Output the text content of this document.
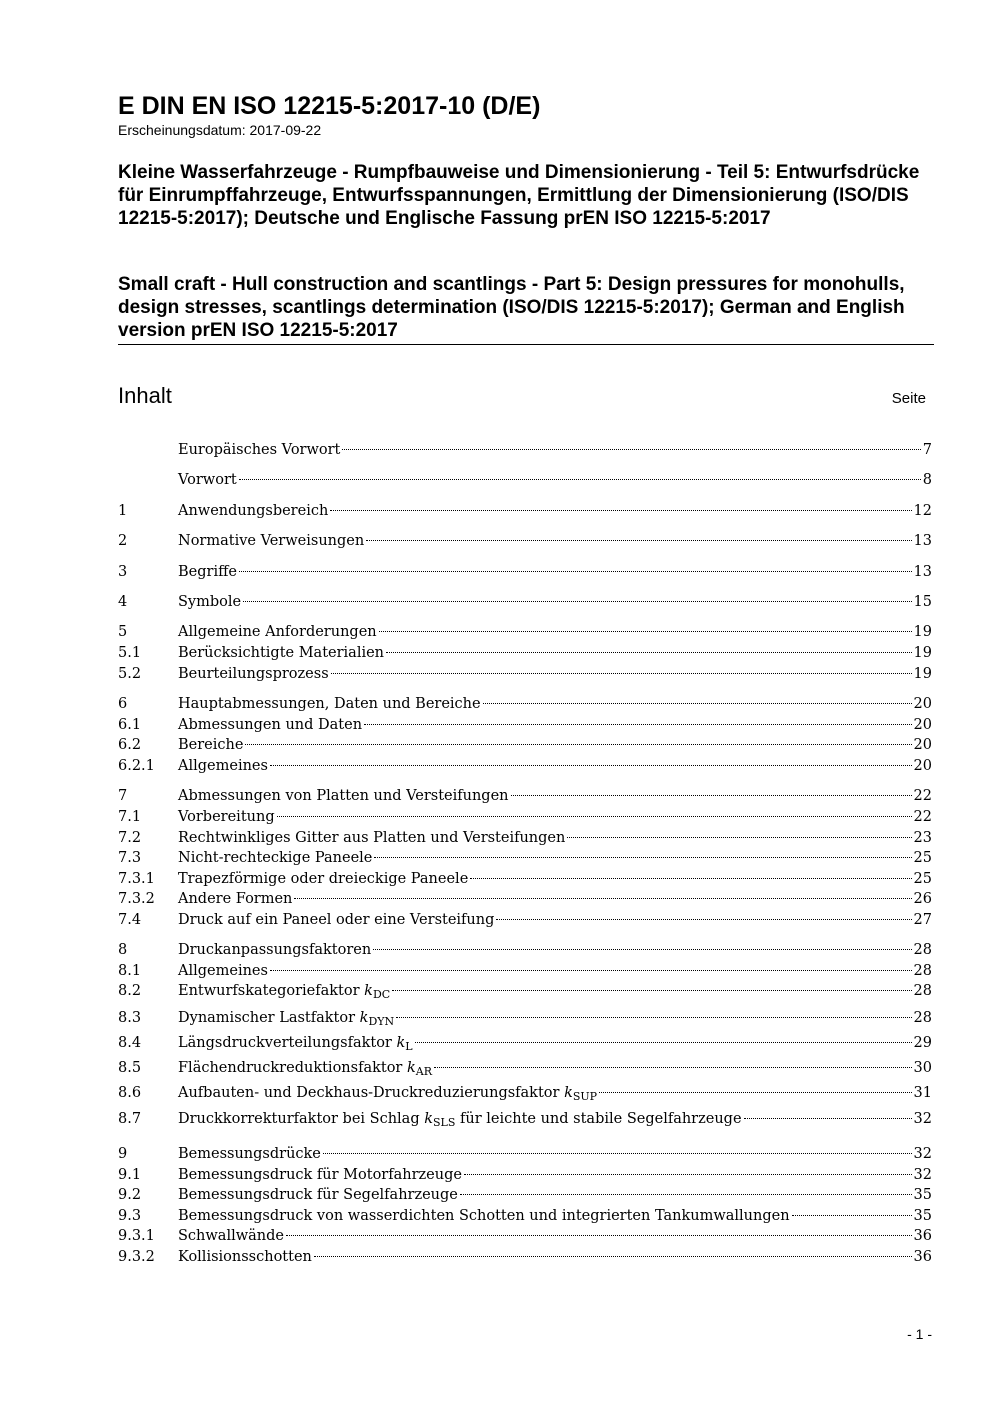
E DIN EN ISO 12215-5:2017-10 (D/E)
Erscheinungsdatum: 2017-09-22
Kleine Wasserfahrzeuge - Rumpfbauweise und Dimensionierung - Teil 5: Entwurfsdrücke für Einrumpffahrzeuge, Entwurfsspannungen, Ermittlung der Dimensionierung (ISO/DIS 12215-5:2017); Deutsche und Englische Fassung prEN ISO 12215-5:2017
Small craft - Hull construction and scantlings - Part 5: Design pressures for monohulls, design stresses, scantlings determination (ISO/DIS 12215-5:2017); German and English version prEN ISO 12215-5:2017
Inhalt	Seite
Europäisches Vorwort	7
Vorwort	8
1	Anwendungsbereich	12
2	Normative Verweisungen	13
3	Begriffe	13
4	Symbole	15
5	Allgemeine Anforderungen	19
5.1	Berücksichtigte Materialien	19
5.2	Beurteilungsprozess	19
6	Hauptabmessungen, Daten und Bereiche	20
6.1	Abmessungen und Daten	20
6.2	Bereiche	20
6.2.1	Allgemeines	20
7	Abmessungen von Platten und Versteifungen	22
7.1	Vorbereitung	22
7.2	Rechtwinkliges Gitter aus Platten und Versteifungen	23
7.3	Nicht-rechteckige Paneele	25
7.3.1	Trapezförmige oder dreieckige Paneele	25
7.3.2	Andere Formen	26
7.4	Druck auf ein Paneel oder eine Versteifung	27
8	Druckanpassungsfaktoren	28
8.1	Allgemeines	28
8.2	Entwurfskategoriefaktor $k_{DC}$	28
8.3	Dynamischer Lastfaktor $k_{DYN}$	28
8.4	Längsdruckverteilungsfaktor $k_L$	29
8.5	Flächendruckreduktionsfaktor $k_{AR}$	30
8.6	Aufbauten- und Deckhaus-Druckreduzierungsfaktor $k_{SUP}$	31
8.7	Druckkorrekturfaktor bei Schlag $k_{SLS}$ für leichte und stabile Segelfahrzeuge	32
9	Bemessungsdrücke	32
9.1	Bemessungsdruck für Motorfahrzeuge	32
9.2	Bemessungsdruck für Segelfahrzeuge	35
9.3	Bemessungsdruck von wasserdichten Schotten und integrierten Tankumwallungen	35
9.3.1	Schwallwände	36
9.3.2	Kollisionsschotten	36
- 1 -
